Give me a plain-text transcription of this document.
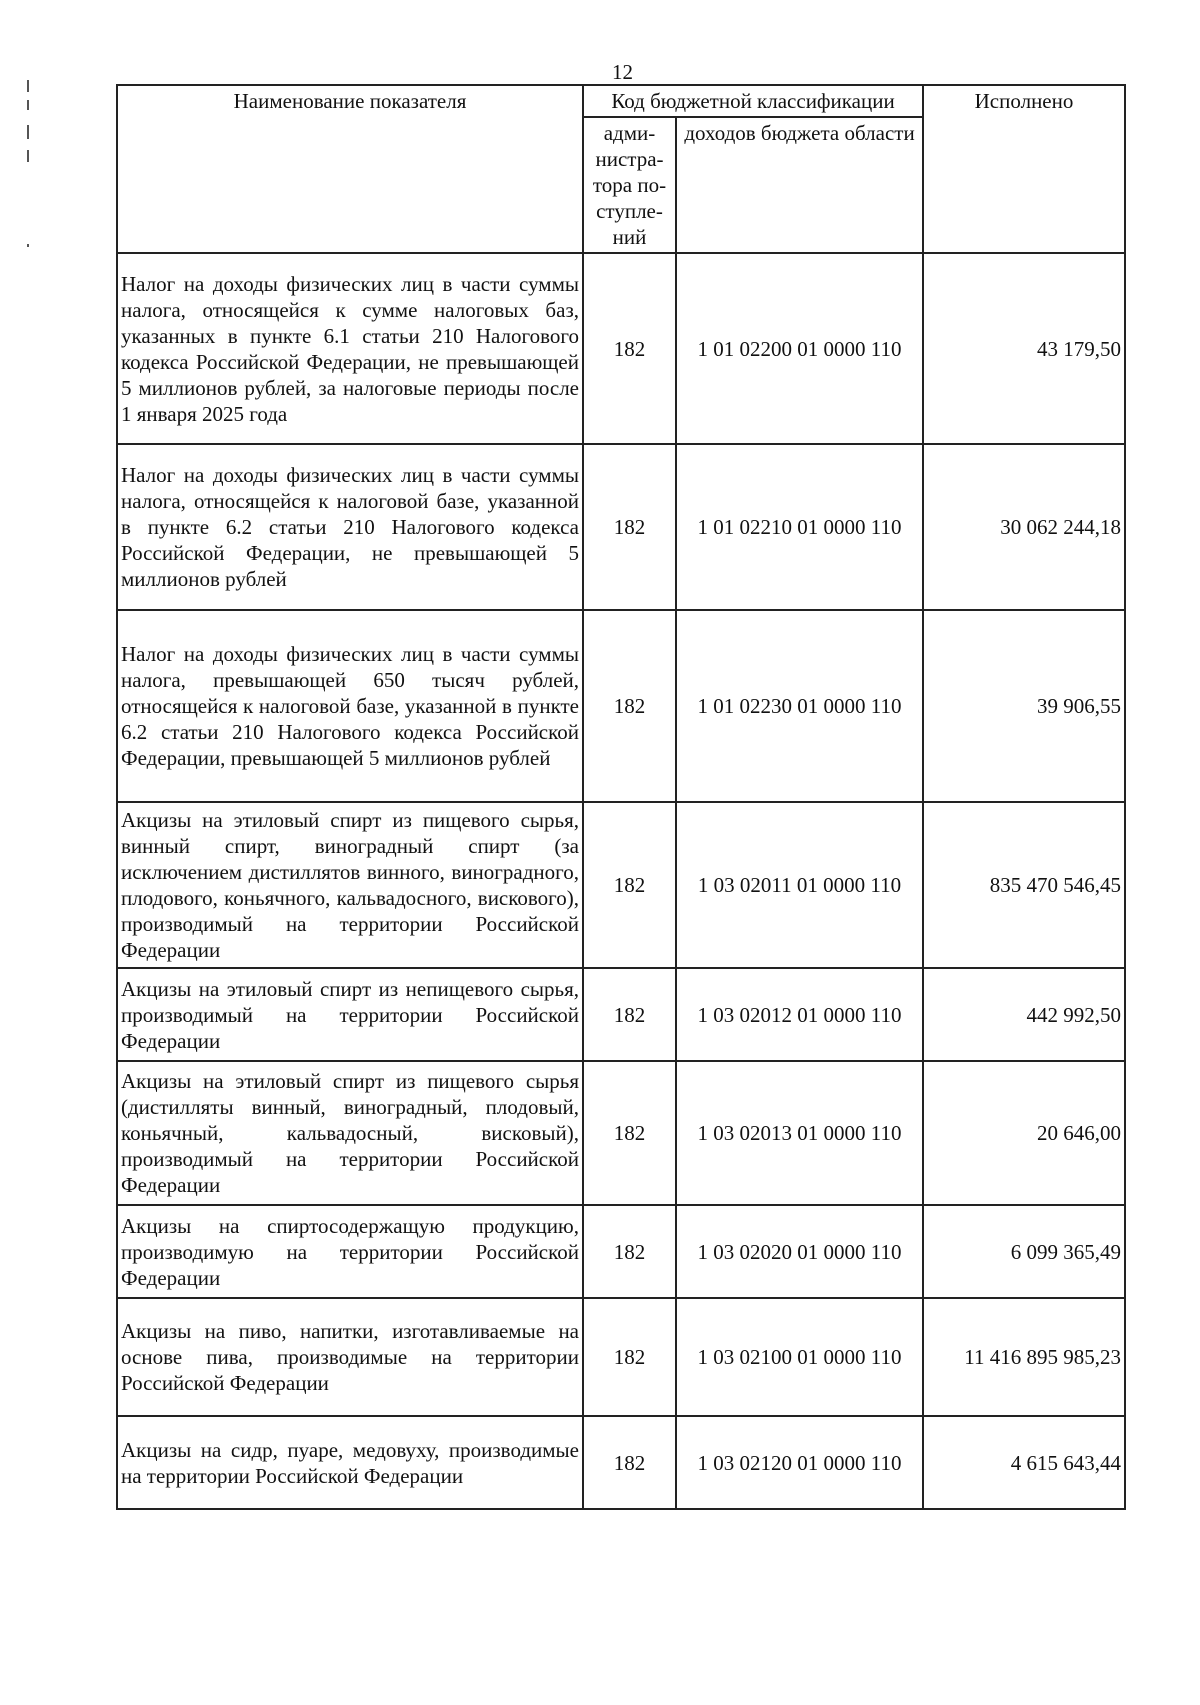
12
Наименование показателя	Код бюджетной классификации		Исполнено
	адми-нистра-тора по-ступле-ний	доходов бюджета области	
Налог на доходы физических лиц в части суммы налога, относящейся к сумме налоговых баз, указанных в пункте 6.1 статьи 210 Налогового кодекса Российской Федерации, не превышающей 5 миллионов рублей, за налоговые периоды после 1 января 2025 года	182	1 01 02200 01 0000 110	43 179,50
Налог на доходы физических лиц в части суммы налога, относящейся к налоговой базе, указанной в пункте 6.2 статьи 210 Налогового кодекса Российской Федерации, не превышающей 5 миллионов рублей	182	1 01 02210 01 0000 110	30 062 244,18
Налог на доходы физических лиц в части суммы налога, превышающей 650 тысяч рублей, относящейся к налоговой базе, указанной в пункте 6.2 статьи 210 Налогового кодекса Российской Федерации, превышающей 5 миллионов рублей	182	1 01 02230 01 0000 110	39 906,55
Акцизы на этиловый спирт из пищевого сырья, винный спирт, виноградный спирт (за исключением дистиллятов винного, виноградного, плодового, коньячного, кальвадосного, вискового), производимый на территории Российской Федерации	182	1 03 02011 01 0000 110	835 470 546,45
Акцизы на этиловый спирт из непищевого сырья, производимый на территории Российской Федерации	182	1 03 02012 01 0000 110	442 992,50
Акцизы на этиловый спирт из пищевого сырья (дистилляты винный, виноградный, плодовый, коньячный, кальвадосный, висковый), производимый на территории Российской Федерации	182	1 03 02013 01 0000 110	20 646,00
Акцизы на спиртосодержащую продукцию, производимую на территории Российской Федерации	182	1 03 02020 01 0000 110	6 099 365,49
Акцизы на пиво, напитки, изготавливаемые на основе пива, производимые на территории Российской Федерации	182	1 03 02100 01 0000 110	11 416 895 985,23
Акцизы на сидр, пуаре, медовуху, производимые на территории Российской Федерации	182	1 03 02120 01 0000 110	4 615 643,44
